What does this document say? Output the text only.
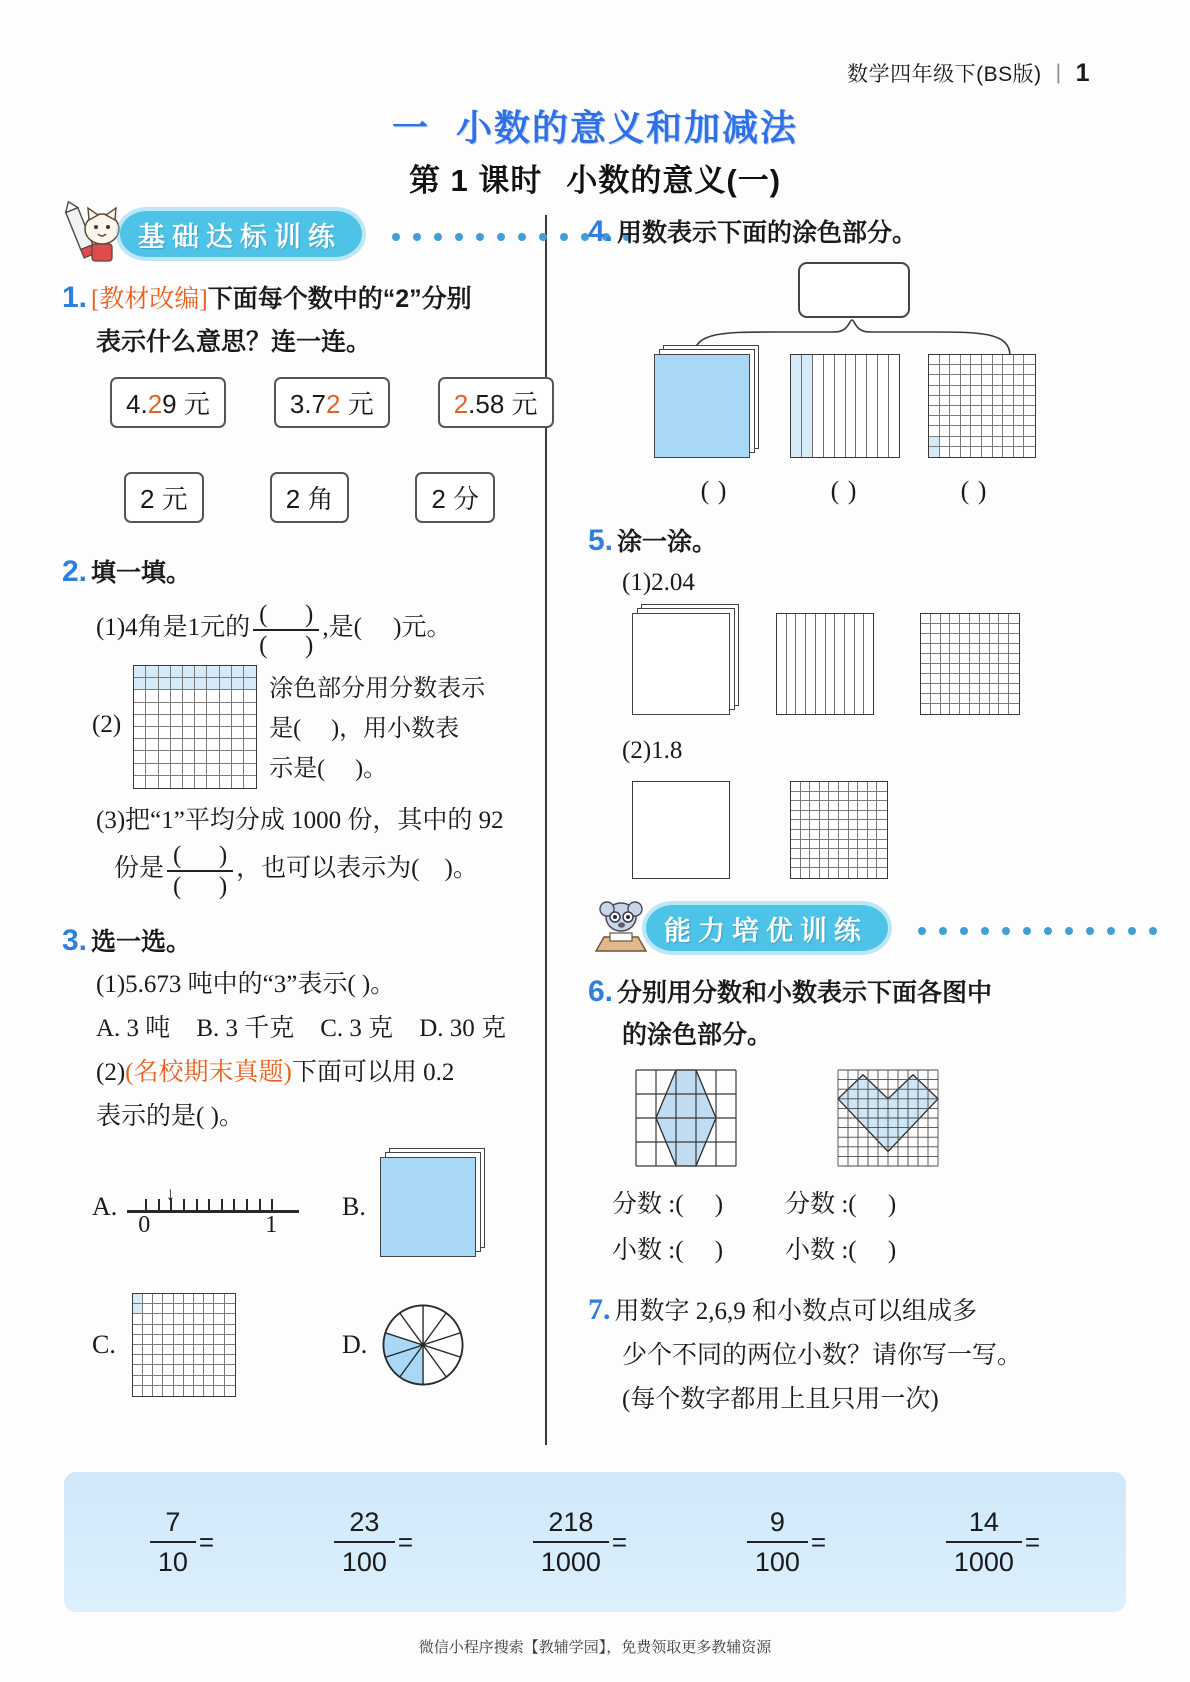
数学四年级下(BS版) | 1
一 小数的意义和加减法
第 1 课时 小数的意义(一)
基础达标训练
1. [教材改编]下面每个数中的“2”分别
表示什么意思？连一连。
4.29 元	3.72 元	2.58 元
2 元	2 角	2 分
2. 填一填。
(1)4角是1元的 $\frac{( )}{( )}$ ,是( )元。
(2)
涂色部分用分数表示
是( )，用小数表
示是( )。
(3)把“1”平均分成 1000 份，其中的 92
份是 $\frac{( )}{( )}$ ，也可以表示为( )。
3. 选一选。
(1)5.673 吨中的“3”表示( )。
A. 3 吨 B. 3 千克 C. 3 克 D. 30 克
(2)(名校期末真题)下面可以用 0.2
表示的是( )。
A.
0	1
↓	B.
C.	D.
4. 用数表示下面的涂色部分。
( )	( )	( )
5. 涂一涂。
(1)2.04
(2)1.8
能力培优训练
6. 分别用分数和小数表示下面各图中
的涂色部分。
分数 :( )
小数 :( )
分数 :( )
小数 :( )
7. 用数字 2,6,9 和小数点可以组成多
少个不同的两位小数？请你写一写。
(每个数字都用上且只用一次)
$\frac{7}{10}$ =	$\frac{23}{100}$ =	$\frac{218}{1000}$ =	$\frac{9}{100}$ =	$\frac{14}{1000}$ =
微信小程序搜索【教辅学园】，免费领取更多教辅资源
